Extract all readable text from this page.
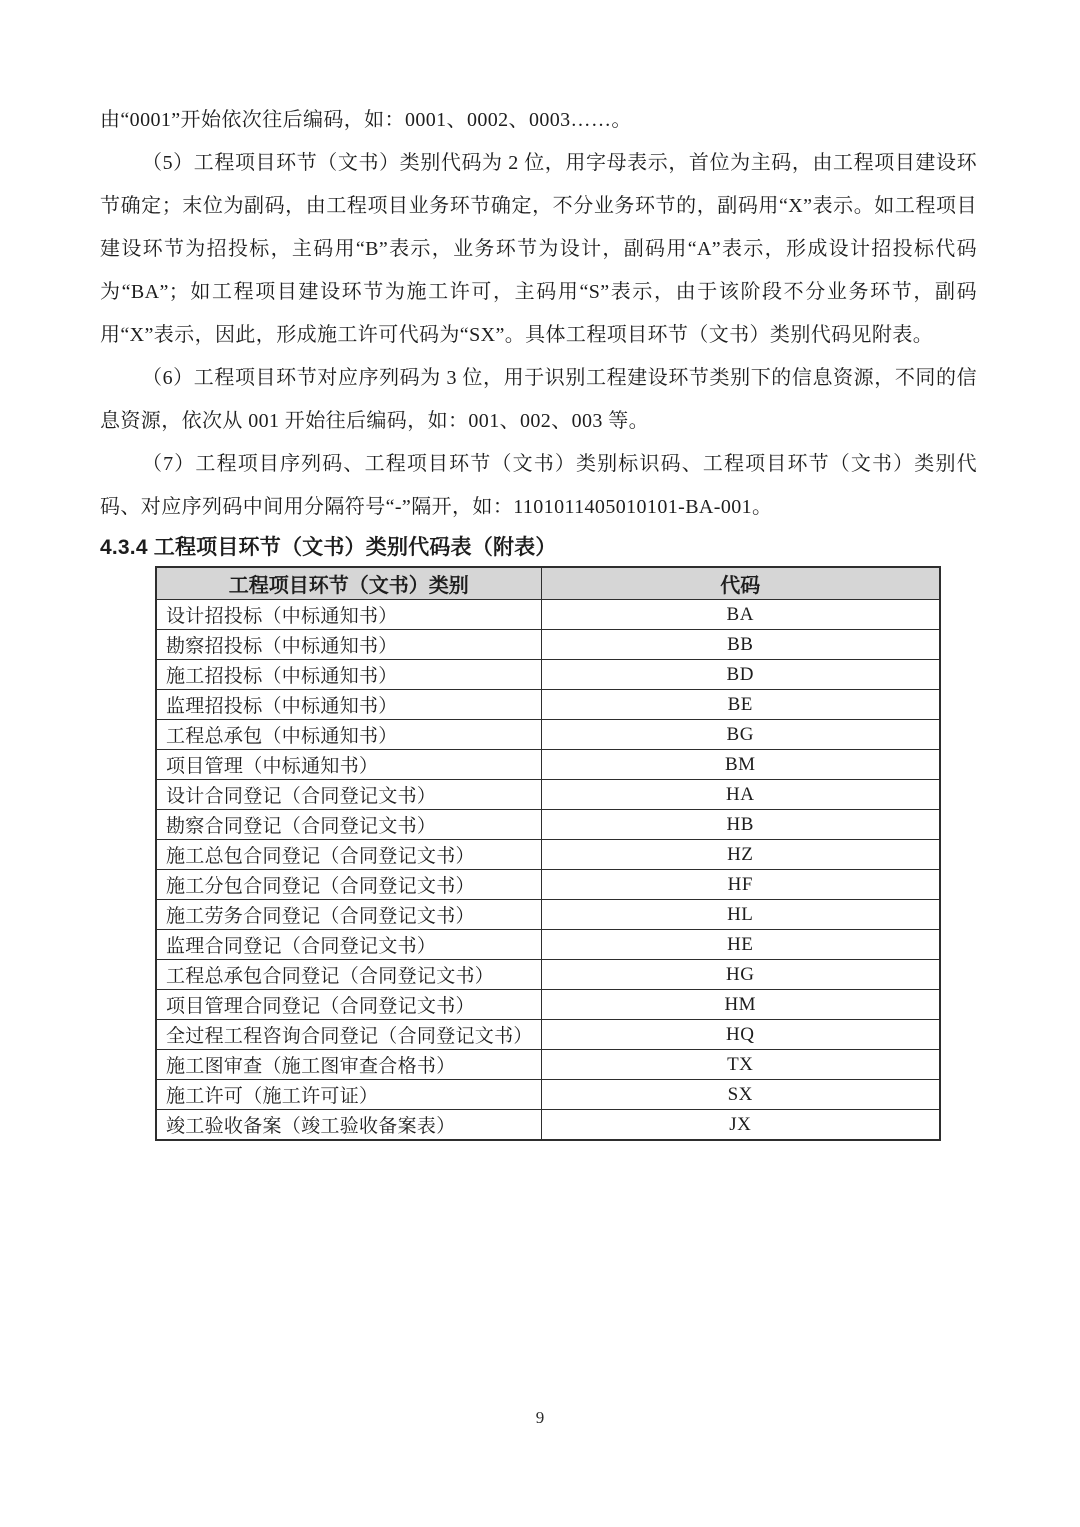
由“0001”开始依次往后编码，如：0001、0002、0003……。

（5）工程项目环节（文书）类别代码为 2 位，用字母表示，首位为主码，由工程项目建设环节确定；末位为副码，由工程项目业务环节确定，不分业务环节的，副码用“X”表示。如工程项目建设环节为招投标，主码用“B”表示，业务环节为设计，副码用“A”表示，形成设计招投标代码为“BA”；如工程项目建设环节为施工许可，主码用“S”表示，由于该阶段不分业务环节，副码用“X”表示，因此，形成施工许可代码为“SX”。具体工程项目环节（文书）类别代码见附表。

（6）工程项目环节对应序列码为 3 位，用于识别工程建设环节类别下的信息资源，不同的信息资源，依次从 001 开始往后编码，如：001、002、003 等。

（7）工程项目序列码、工程项目环节（文书）类别标识码、工程项目环节（文书）类别代码、对应序列码中间用分隔符号“-”隔开，如：1101011405010101-BA-001。

4.3.4 工程项目环节（文书）类别代码表（附表）
工程项目环节（文书）类别	代码
设计招投标（中标通知书）	BA
勘察招投标（中标通知书）	BB
施工招投标（中标通知书）	BD
监理招投标（中标通知书）	BE
工程总承包（中标通知书）	BG
项目管理（中标通知书）	BM
设计合同登记（合同登记文书）	HA
勘察合同登记（合同登记文书）	HB
施工总包合同登记（合同登记文书）	HZ
施工分包合同登记（合同登记文书）	HF
施工劳务合同登记（合同登记文书）	HL
监理合同登记（合同登记文书）	HE
工程总承包合同登记（合同登记文书）	HG
项目管理合同登记（合同登记文书）	HM
全过程工程咨询合同登记（合同登记文书）	HQ
施工图审查（施工图审查合格书）	TX
施工许可（施工许可证）	SX
竣工验收备案（竣工验收备案表）	JX
9
